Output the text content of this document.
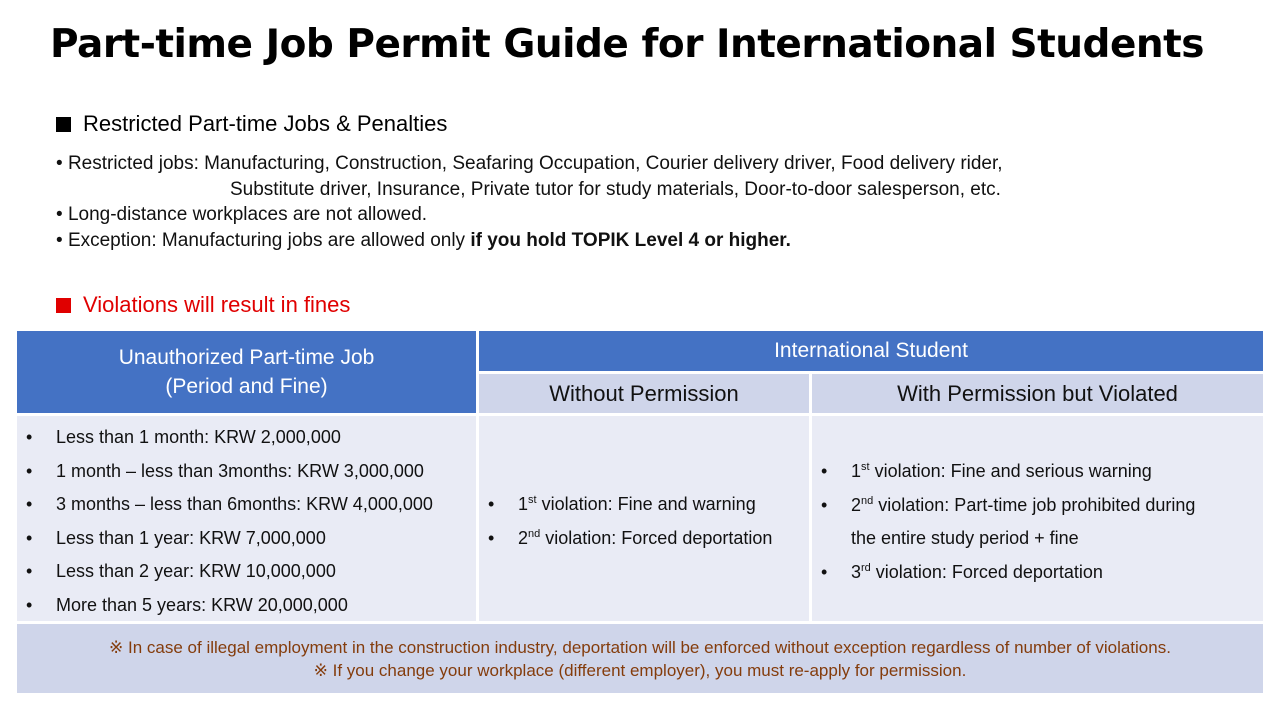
Part-time Job Permit Guide for International Students
Restricted Part-time Jobs & Penalties
• Restricted jobs: Manufacturing, Construction, Seafaring Occupation, Courier delivery driver, Food delivery rider,
Substitute driver, Insurance, Private tutor for study materials, Door-to-door salesperson, etc.
• Long-distance workplaces are not allowed.
• Exception: Manufacturing jobs are allowed only if you hold TOPIK Level 4 or higher.
Violations will result in fines
Unauthorized Part-time Job
(Period and Fine)
International Student
Without Permission	With Permission but Violated
• Less than 1 month: KRW 2,000,000
• 1 month – less than 3months: KRW 3,000,000
• 3 months – less than 6months: KRW 4,000,000
• Less than 1 year: KRW 7,000,000
• Less than 2 year: KRW 10,000,000
• More than 5 years: KRW 20,000,000
• 1st violation: Fine and warning
• 2nd violation: Forced deportation
• 1st violation: Fine and serious warning
• 2nd violation: Part-time job prohibited during
the entire study period + fine
• 3rd violation: Forced deportation
※ In case of illegal employment in the construction industry, deportation will be enforced without exception regardless of number of violations.
※ If you change your workplace (different employer), you must re-apply for permission.
